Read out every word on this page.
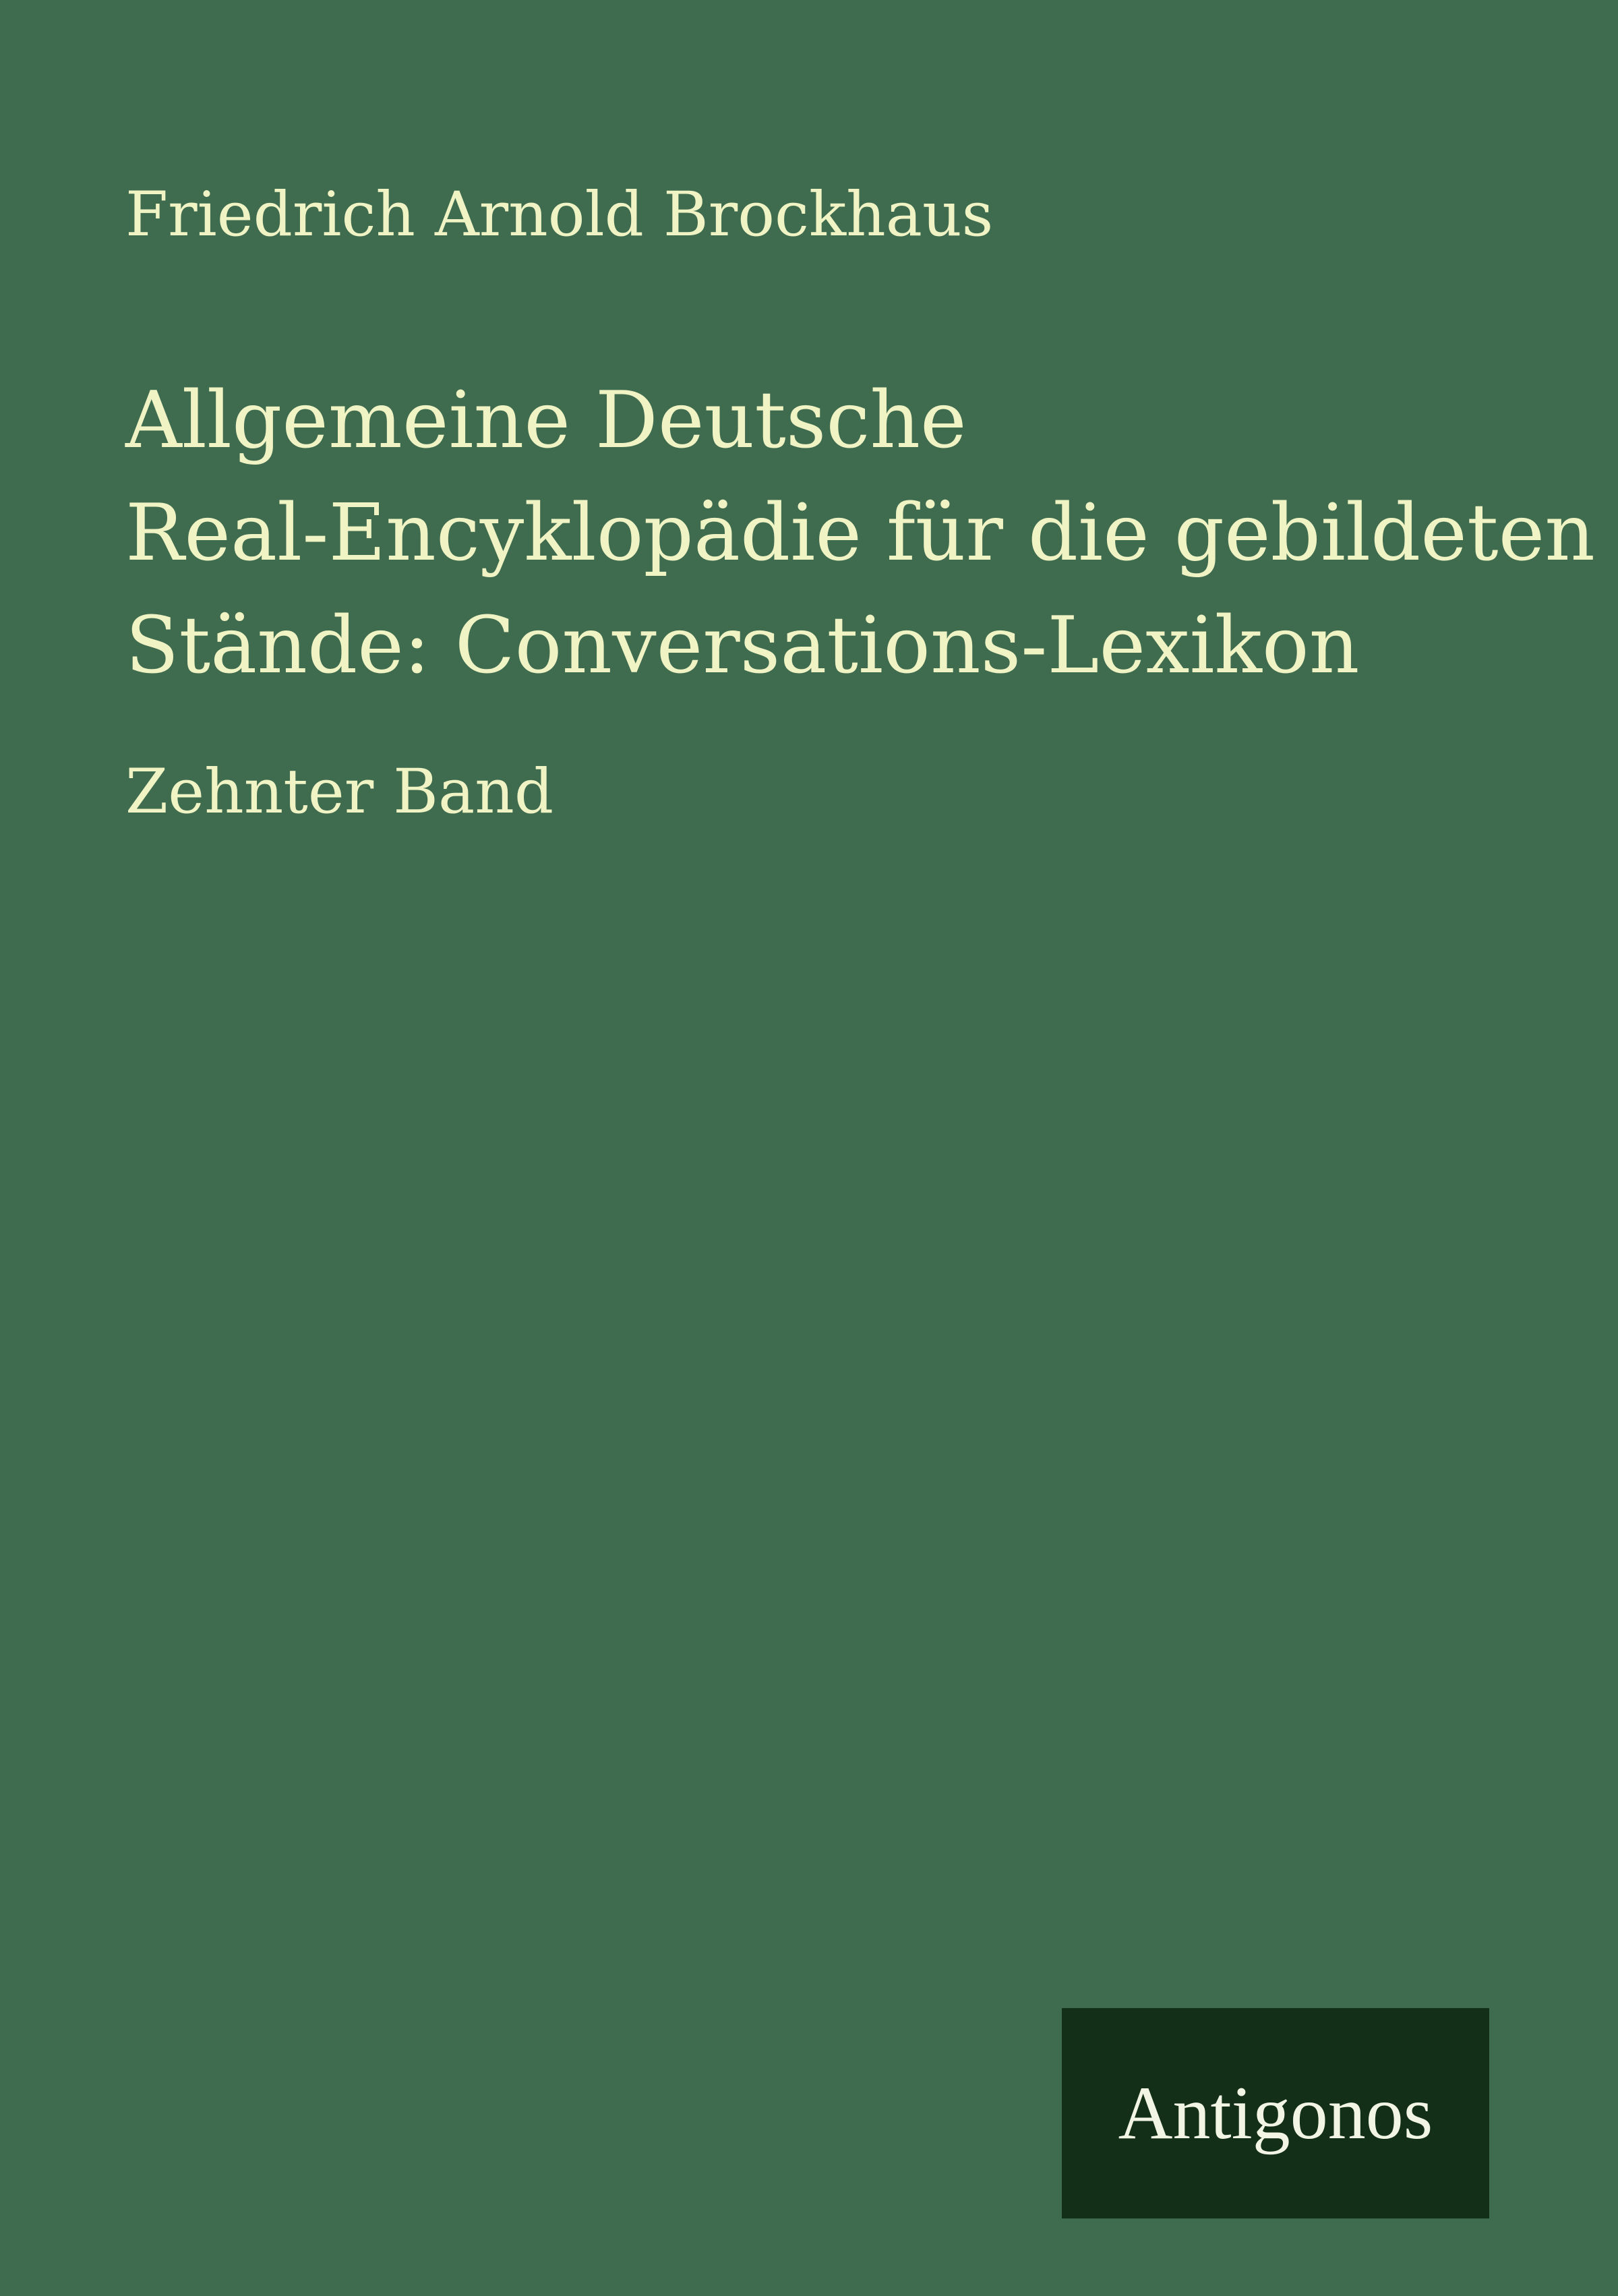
Friedrich Arnold Brockhaus
Allgemeine Deutsche
Real-Encyklopädie für die gebildeten
Stände: Conversations-Lexikon
Zehnter Band
Antigonos
